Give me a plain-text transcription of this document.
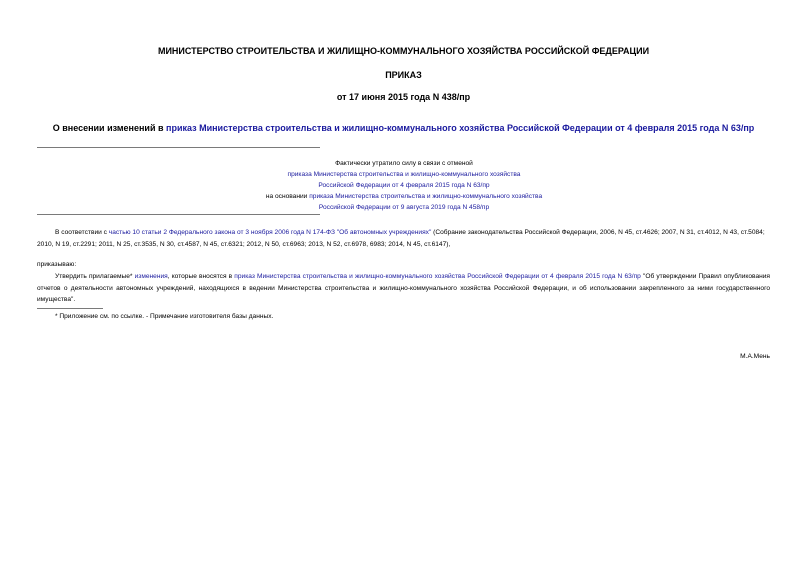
МИНИСТЕРСТВО СТРОИТЕЛЬСТВА И ЖИЛИЩНО-КОММУНАЛЬНОГО ХОЗЯЙСТВА РОССИЙСКОЙ ФЕДЕРАЦИИ
ПРИКАЗ
от 17 июня 2015 года N 438/пр
О внесении изменений в приказ Министерства строительства и жилищно-коммунального хозяйства Российской Федерации от 4 февраля 2015 года N 63/пр
Фактически утратило силу в связи с отменой
приказа Министерства строительства и жилищно-коммунального хозяйства
Российской Федерации от 4 февраля 2015 года N 63/пр
на основании приказа Министерства строительства и жилищно-коммунального хозяйства
Российской Федерации от 9 августа 2019 года N 458/пр
В соответствии с частью 10 статьи 2 Федерального закона от 3 ноября 2006 года N 174-ФЗ "Об автономных учреждениях" (Собрание законодательства Российской Федерации, 2006, N 45, ст.4626; 2007, N 31, ст.4012, N 43, ст.5084; 2010, N 19, ст.2291; 2011, N 25, ст.3535, N 30, ст.4587, N 45, ст.6321; 2012, N 50, ст.6963; 2013, N 52, ст.6978, 6983; 2014, N 45, ст.6147),
приказываю:
Утвердить прилагаемые* изменения, которые вносятся в приказ Министерства строительства и жилищно-коммунального хозяйства Российской Федерации от 4 февраля 2015 года N 63/пр "Об утверждении Правил опубликования отчетов о деятельности автономных учреждений, находящихся в ведении Министерства строительства и жилищно-коммунального хозяйства Российской Федерации, и об использовании закрепленного за ними государственного имущества".
* Приложение см. по ссылке. - Примечание изготовителя базы данных.
М.А.Мень
